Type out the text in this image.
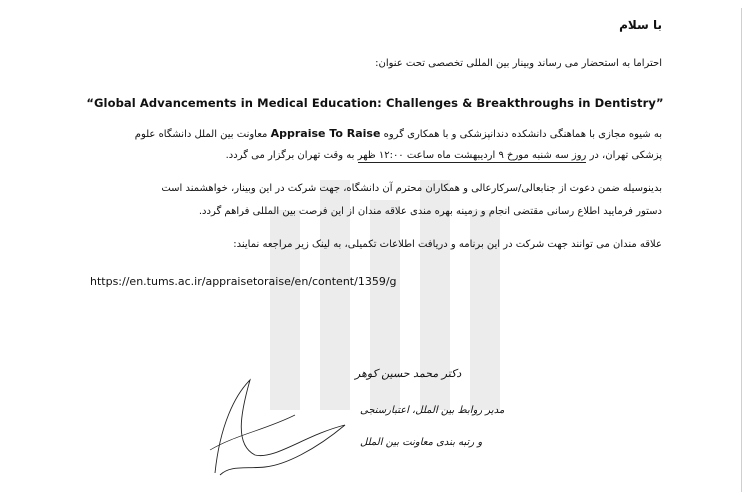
با سلام
احتراما به استحضار می رساند وبینار بین المللی تخصصی تحت عنوان:
“Global Advancements in Medical Education: Challenges & Breakthroughs in Dentistry”
به شیوه مجازی با هماهنگی دانشکده دندانپزشکی و با همکاری گروه Appraise To Raise معاونت بین الملل دانشگاه علوم
پزشکی تهران، در روز سه شنبه مورخ ۹ اردیبهشت ماه ساعت ۱۲:۰۰ ظهر به وقت تهران برگزار می گردد.
بدینوسیله ضمن دعوت از جنابعالی/سرکارعالی و همکاران محترم آن دانشگاه، جهت شرکت در این وبینار، خواهشمند است
دستور فرمایید اطلاع رسانی مقتضی انجام و زمینه بهره مندی علاقه مندان از این فرصت بین المللی فراهم گردد.
علاقه مندان می توانند جهت شرکت در این برنامه و دریافت اطلاعات تکمیلی، به لینک زیر مراجعه نمایند:
https://en.tums.ac.ir/appraisetoraise/en/content/1359/g
دکتر محمد حسین کوهر
مدیر روابط بین الملل، اعتبارسنجی
و رتبه بندی معاونت بین الملل
